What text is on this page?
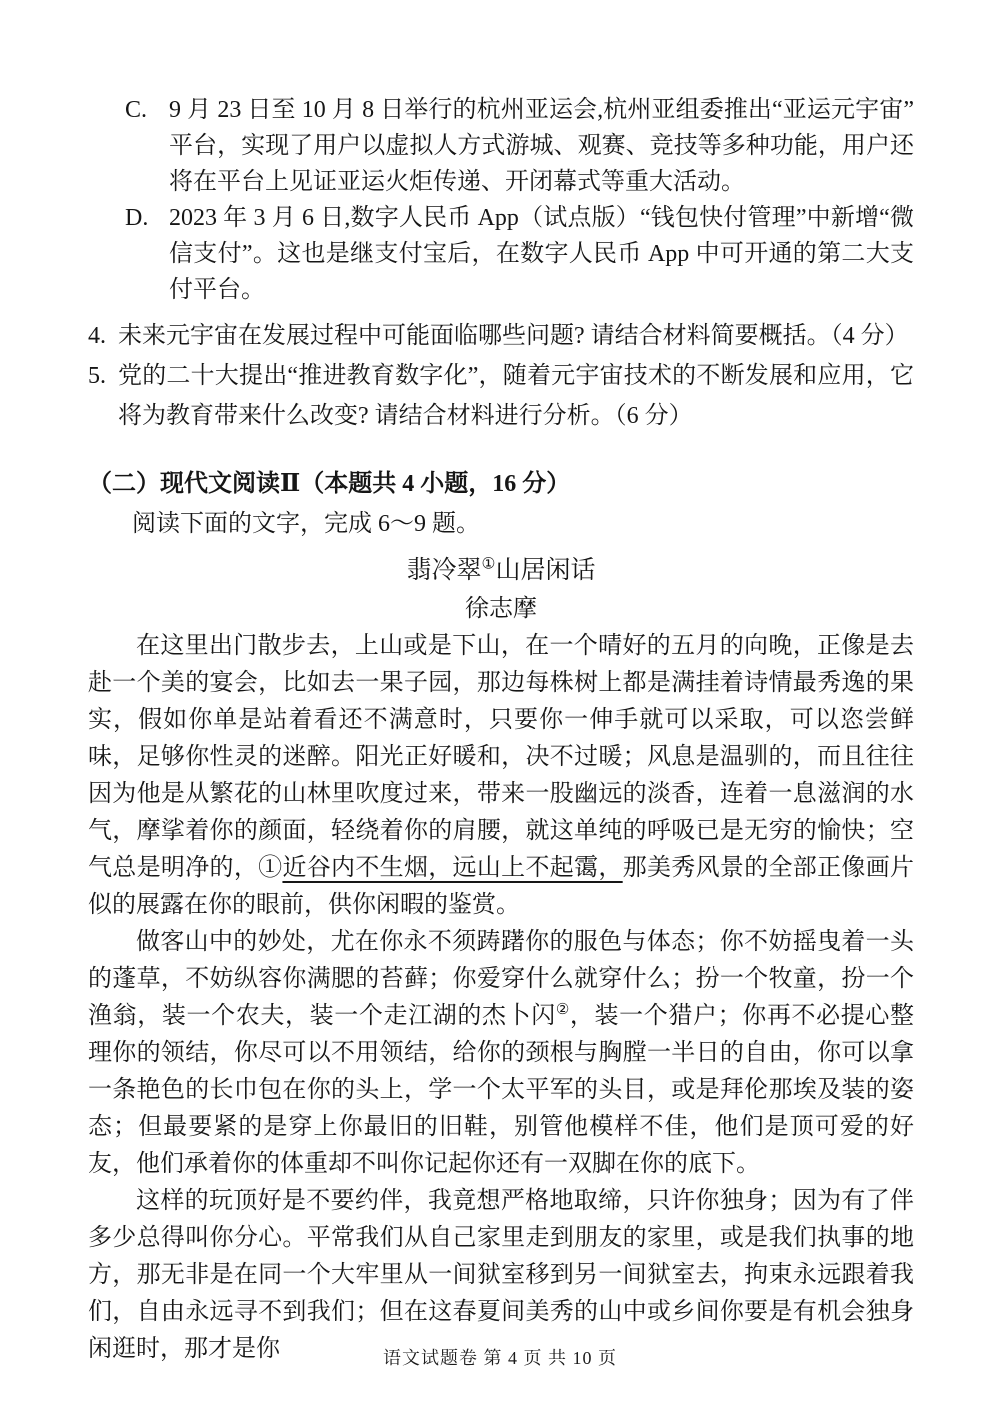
C. 9 月 23 日至 10 月 8 日举行的杭州亚运会,杭州亚组委推出“亚运元宇宙”平台，实现了用户以虚拟人方式游城、观赛、竞技等多种功能，用户还将在平台上见证亚运火炬传递、开闭幕式等重大活动。
D. 2023 年 3 月 6 日,数字人民币 App（试点版）“钱包快付管理”中新增“微信支付”。这也是继支付宝后，在数字人民币 App 中可开通的第二大支付平台。
4. 未来元宇宙在发展过程中可能面临哪些问题? 请结合材料简要概括。（4 分）
5. 党的二十大提出“推进教育数字化”，随着元宇宙技术的不断发展和应用，它将为教育带来什么改变? 请结合材料进行分析。（6 分）
（二）现代文阅读Ⅱ（本题共 4 小题，16 分）

阅读下面的文字，完成 6～9 题。

翡冷翠①山居闲话

徐志摩

在这里出门散步去，上山或是下山，在一个晴好的五月的向晚，正像是去赴一个美的宴会，比如去一果子园，那边每株树上都是满挂着诗情最秀逸的果实，假如你单是站着看还不满意时，只要你一伸手就可以采取，可以恣尝鲜味，足够你性灵的迷醉。阳光正好暖和，决不过暖；风息是温驯的，而且往往因为他是从繁花的山林里吹度过来，带来一股幽远的淡香，连着一息滋润的水气，摩挲着你的颜面，轻绕着你的肩腰，就这单纯的呼吸已是无穷的愉快；空气总是明净的，①近谷内不生烟，远山上不起霭，那美秀风景的全部正像画片似的展露在你的眼前，供你闲暇的鉴赏。

做客山中的妙处，尤在你永不须踌躇你的服色与体态；你不妨摇曳着一头的蓬草，不妨纵容你满腮的苔藓；你爱穿什么就穿什么；扮一个牧童，扮一个渔翁，装一个农夫，装一个走江湖的杰卜闪②，装一个猎户；你再不必提心整理你的领结，你尽可以不用领结，给你的颈根与胸膛一半日的自由，你可以拿一条艳色的长巾包在你的头上，学一个太平军的头目，或是拜伦那埃及装的姿态；但最要紧的是穿上你最旧的旧鞋，别管他模样不佳，他们是顶可爱的好友，他们承着你的体重却不叫你记起你还有一双脚在你的底下。

这样的玩顶好是不要约伴，我竟想严格地取缔，只许你独身；因为有了伴多少总得叫你分心。平常我们从自己家里走到朋友的家里，或是我们执事的地方，那无非是在同一个大牢里从一间狱室移到另一间狱室去，拘束永远跟着我们，自由永远寻不到我们；但在这春夏间美秀的山中或乡间你要是有机会独身闲逛时，那才是你	语文试题卷 第 4 页 共 10 页
